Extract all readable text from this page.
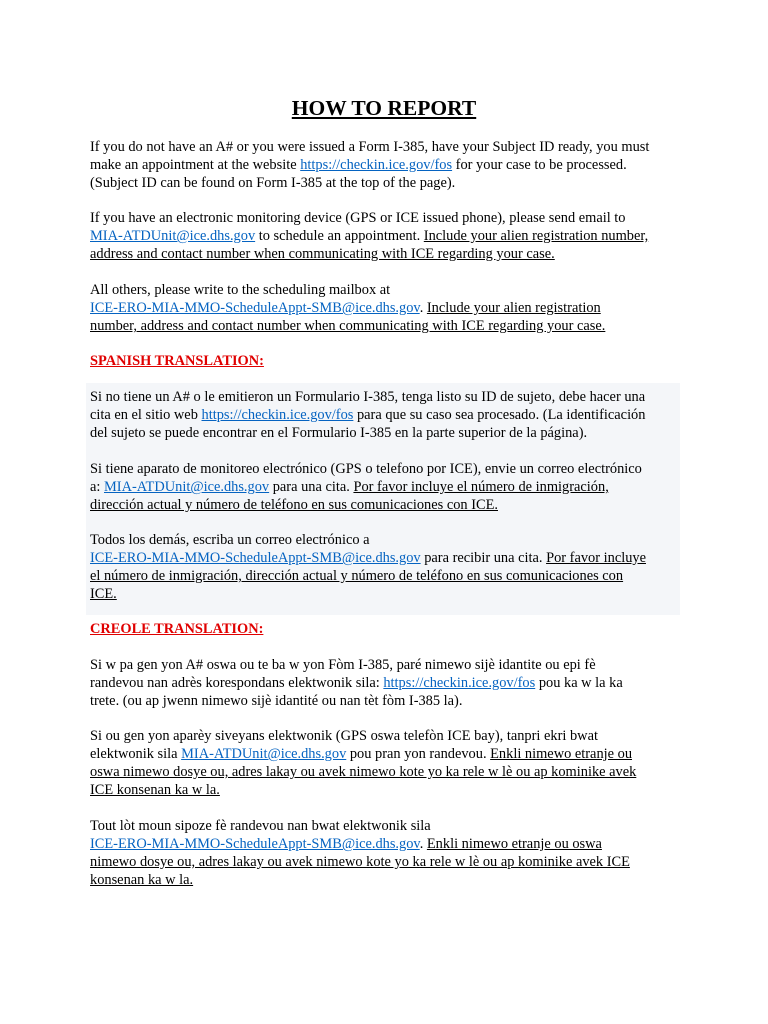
HOW TO REPORT
If you do not have an A# or you were issued a Form I-385, have your Subject ID ready, you must
make an appointment at the website https://checkin.ice.gov/fos for your case to be processed.
(Subject ID can be found on Form I-385 at the top of the page).
If you have an electronic monitoring device (GPS or ICE issued phone), please send email to
MIA-ATDUnit@ice.dhs.gov to schedule an appointment. Include your alien registration number,
address and contact number when communicating with ICE regarding your case.
All others, please write to the scheduling mailbox at
ICE-ERO-MIA-MMO-ScheduleAppt-SMB@ice.dhs.gov. Include your alien registration
number, address and contact number when communicating with ICE regarding your case.
SPANISH TRANSLATION:
Si no tiene un A# o le emitieron un Formulario I-385, tenga listo su ID de sujeto, debe hacer una
cita en el sitio web https://checkin.ice.gov/fos para que su caso sea procesado. (La identificación
del sujeto se puede encontrar en el Formulario I-385 en la parte superior de la página).
Si tiene aparato de monitoreo electrónico (GPS o telefono por ICE), envie un correo electrónico
a: MIA-ATDUnit@ice.dhs.gov para una cita. Por favor incluye el número de inmigración,
dirección actual y número de teléfono en sus comunicaciones con ICE.
Todos los demás, escriba un correo electrónico a
ICE-ERO-MIA-MMO-ScheduleAppt-SMB@ice.dhs.gov para recibir una cita. Por favor incluye
el número de inmigración, dirección actual y número de teléfono en sus comunicaciones con
ICE.
CREOLE TRANSLATION:
Si w pa gen yon A# oswa ou te ba w yon Fòm I-385, paré nimewo sijè idantite ou epi fè
randevou nan adrès korespondans elektwonik sila: https://checkin.ice.gov/fos pou ka w la ka
trete. (ou ap jwenn nimewo sijè idantité ou nan tèt fòm I-385 la).
Si ou gen yon aparèy siveyans elektwonik (GPS oswa telefòn ICE bay), tanpri ekri bwat
elektwonik sila MIA-ATDUnit@ice.dhs.gov pou pran yon randevou. Enkli nimewo etranje ou
oswa nimewo dosye ou, adres lakay ou avek nimewo kote yo ka rele w lè ou ap kominike avek
ICE konsenan ka w la.
Tout lòt moun sipoze fè randevou nan bwat elektwonik sila
ICE-ERO-MIA-MMO-ScheduleAppt-SMB@ice.dhs.gov. Enkli nimewo etranje ou oswa
nimewo dosye ou, adres lakay ou avek nimewo kote yo ka rele w lè ou ap kominike avek ICE
konsenan ka w la.
